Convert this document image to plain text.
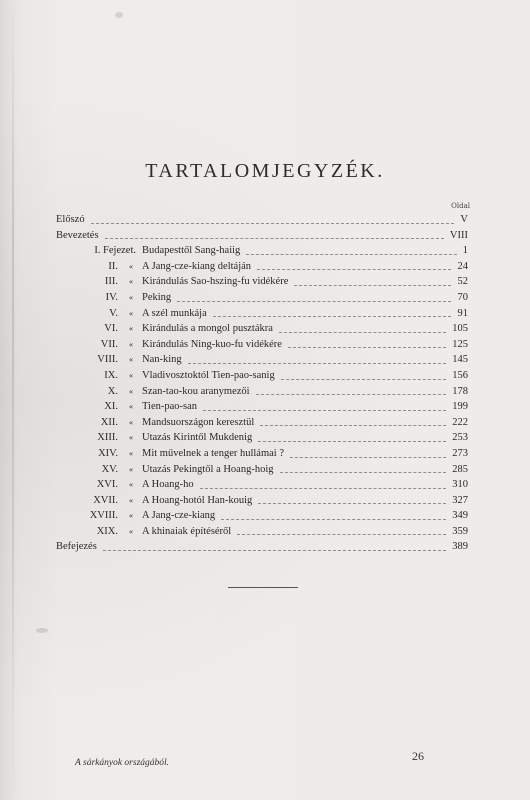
TARTALOMJEGYZÉK.
Oldal
Előszó	V
Bevezetés	VIII
I. Fejezet. Budapesttől Sang-haiig	1
II.	« A Jang-cze-kiang deltáján	24
III.	« Kirándulás Sao-hszing-fu vidékére	52
IV.	« Peking	70
V.	« A szél munkája	91
VI.	« Kirándulás a mongol pusztákra	105
VII.	« Kirándulás Ning-kuo-fu vidékére	125
VIII.	« Nan-king	145
IX.	« Vladivosztoktól Tien-pao-sanig	156
X.	« Szan-tao-kou aranymezői	178
XI.	« Tien-pao-san	199
XII.	« Mandsuországon keresztül	222
XIII.	« Utazás Kirintől Mukdenig	253
XIV.	« Mit művelnek a tenger hullámai ?	273
XV.	« Utazás Pekingtől a Hoang-hoig	285
XVI.	« A Hoang-ho	310
XVII.	« A Hoang-hotól Han-kouig	327
XVIII.	« A Jang-cze-kiang	349
XIX.	« A khinaiak építéséről	359
Befejezés	389
A sárkányok országából.	26
